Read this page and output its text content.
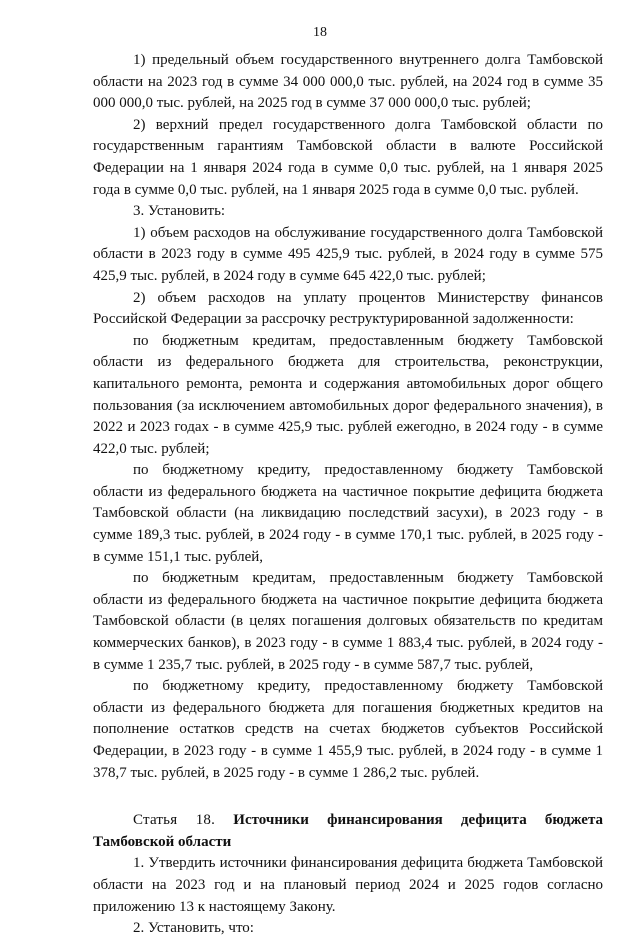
18

1) предельный объем государственного внутреннего долга Тамбовской области на 2023 год в сумме 34 000 000,0 тыс. рублей, на 2024 год в сумме 35 000 000,0 тыс. рублей, на 2025 год в сумме 37 000 000,0 тыс. рублей;

2) верхний предел государственного долга Тамбовской области по государственным гарантиям Тамбовской области в валюте Российской Федерации на 1 января 2024 года в сумме 0,0 тыс. рублей, на 1 января 2025 года в сумме 0,0 тыс. рублей, на 1 января 2025 года в сумме 0,0 тыс. рублей.

3. Установить:

1) объем расходов на обслуживание государственного долга Тамбовской области в 2023 году в сумме 495 425,9 тыс. рублей, в 2024 году в сумме 575 425,9 тыс. рублей, в 2024 году в сумме 645 422,0 тыс. рублей;

2) объем расходов на уплату процентов Министерству финансов Российской Федерации за рассрочку реструктурированной задолженности:

по бюджетным кредитам, предоставленным бюджету Тамбовской области из федерального бюджета для строительства, реконструкции, капитального ремонта, ремонта и содержания автомобильных дорог общего пользования (за исключением автомобильных дорог федерального значения), в 2022 и 2023 годах - в сумме 425,9 тыс. рублей ежегодно, в 2024 году - в сумме 422,0 тыс. рублей;

по бюджетному кредиту, предоставленному бюджету Тамбовской области из федерального бюджета на частичное покрытие дефицита бюджета Тамбовской области (на ликвидацию последствий засухи), в 2023 году - в сумме 189,3 тыс. рублей, в 2024 году - в сумме 170,1 тыс. рублей, в 2025 году - в сумме 151,1 тыс. рублей,

по бюджетным кредитам, предоставленным бюджету Тамбовской области из федерального бюджета на частичное покрытие дефицита бюджета Тамбовской области (в целях погашения долговых обязательств по кредитам коммерческих банков), в 2023 году - в сумме 1 883,4 тыс. рублей, в 2024 году - в сумме 1 235,7 тыс. рублей, в 2025 году - в сумме 587,7 тыс. рублей,

по бюджетному кредиту, предоставленному бюджету Тамбовской области из федерального бюджета для погашения бюджетных кредитов на пополнение остатков средств на счетах бюджетов субъектов Российской Федерации, в 2023 году - в сумме 1 455,9 тыс. рублей, в 2024 году - в сумме 1 378,7 тыс. рублей, в 2025 году - в сумме 1 286,2 тыс. рублей.

Статья 18. Источники финансирования дефицита бюджета Тамбовской области

1. Утвердить источники финансирования дефицита бюджета Тамбовской области на 2023 год и на плановый период 2024 и 2025 годов согласно приложению 13 к настоящему Закону.

2. Установить, что:
